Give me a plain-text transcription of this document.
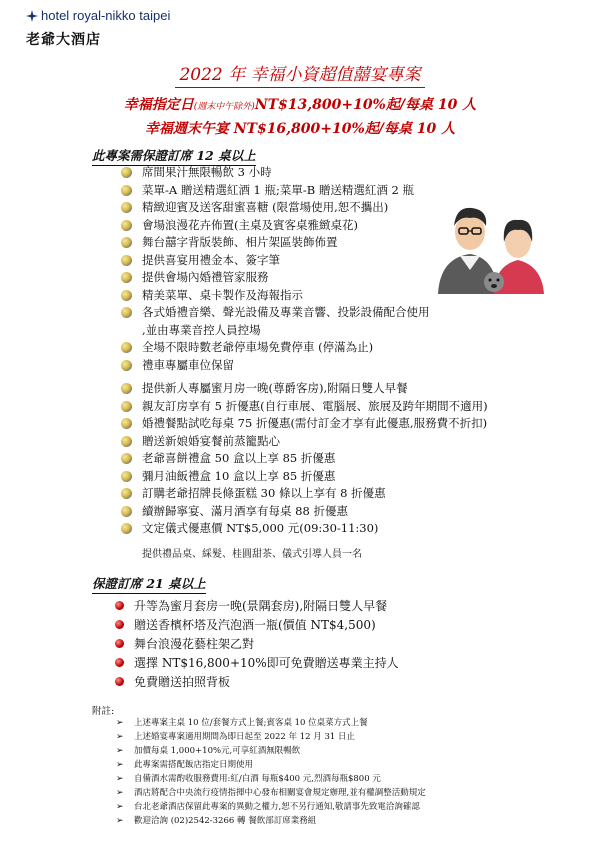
hotel royal-nikko taipei
老爺大酒店
2022 年 幸福小資超值囍宴專案
幸福指定日(週末中午除外)NT$13,800+10%起/每桌 10 人
幸福週末午宴 NT$16,800+10%起/每桌 10 人
此專案需保證訂席 12 桌以上
席間果汁無限暢飲 3 小時
菜單-A 贈送精選紅酒 1 瓶;菜單-B 贈送精選紅酒 2 瓶
精緻迎賓及送客甜蜜喜糖 (限當場使用,恕不攜出)
會場浪漫花卉佈置(主桌及賓客桌雅緻桌花)
舞台囍字背版裝飾、相片架區裝飾佈置
提供喜宴用禮金本、簽字筆
提供會場內婚禮管家服務
精美菜單、桌卡製作及海報指示
各式婚禮音樂、聲光設備及專業音響、投影設備配合使用
,並由專業音控人員控場
全場不限時數老爺停車場免費停車 (停滿為止)
禮車專屬車位保留
提供新人專屬蜜月房一晚(尊爵客房),附隔日雙人早餐
親友訂房享有 5 折優惠(自行車展、電腦展、旅展及跨年期間不適用)
婚禮餐點試吃每桌 75 折優惠(需付訂金才享有此優惠,服務費不折扣)
贈送新娘婚宴餐前蒸籠點心
老爺喜餅禮盒 50 盒以上享 85 折優惠
彌月油飯禮盒 10 盒以上享 85 折優惠
訂購老爺招牌長條蛋糕 30 條以上享有 8 折優惠
續辦歸寧宴、滿月酒享有每桌 88 折優惠
文定儀式優惠價 NT$5,000 元(09:30-11:30)
提供禮品桌、綵髮、桂圓甜茶、儀式引導人員一名
保證訂席 21 桌以上
升等為蜜月套房一晚(景隅套房),附隔日雙人早餐
贈送香檳杯塔及汽泡酒一瓶(價值 NT$4,500)
舞台浪漫花藝柱架乙對
選擇 NT$16,800+10%即可免費贈送專業主持人
免費贈送拍照背板
附註:
➢ 上述專案主桌 10 位/套餐方式上餐;賓客桌 10 位桌菜方式上餐
➢ 上述婚宴專案適用期間為即日起至 2022 年 12 月 31 日止
➢ 加價每桌 1,000+10%元,可享紅酒無限暢飲
➢ 此專案需搭配飯店指定日期使用
➢ 自備酒水需酌收服務費用:紅/白酒 每瓶$400 元,烈酒每瓶$800 元
➢ 酒店將配合中央流行疫情指揮中心發布相關宴會規定辦理,並有權調整活動規定
➢ 台北老爺酒店保留此專案的異動之權力,恕不另行通知,敬請事先致電洽詢確認
➢ 歡迎洽詢 (02)2542-3266 轉 餐飲部訂席業務組
